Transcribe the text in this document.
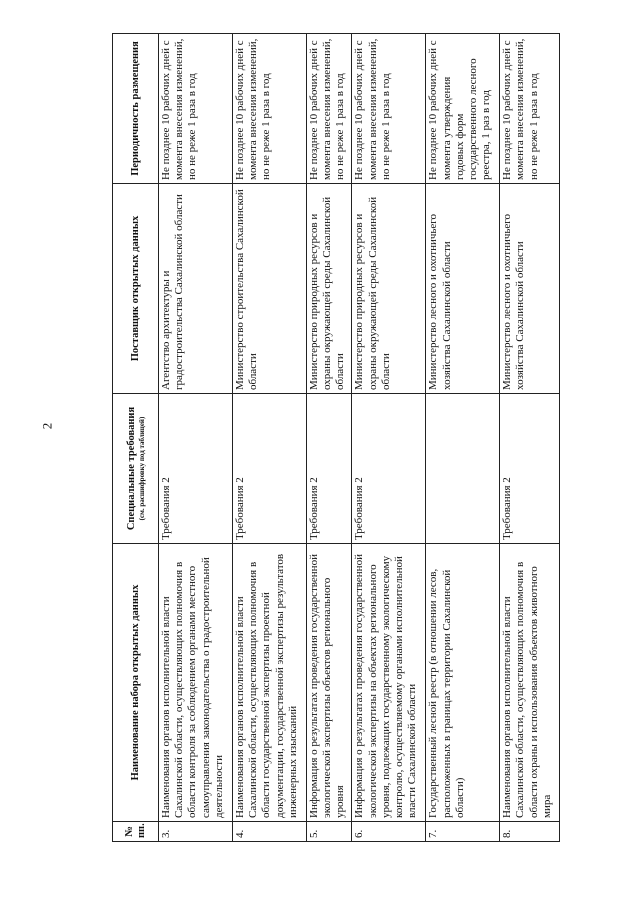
2
№ пп.	Наименование набора открытых данных	Специальные требования (см. расшифровку под таблицей)	Поставщик открытых данных	Периодичность размещения
3.	Наименования органов исполнительной власти Сахалинской области, осуществляющих полномочия в области контроля за соблюдением органами местного самоуправления законодательства о градостроительной деятельности	Требования 2	Агентство архитектуры и градостроительства Сахалинской области	Не позднее 10 рабочих дней с момента внесения изменений, но не реже 1 раза в год
4.	Наименования органов исполнительной власти Сахалинской области, осуществляющих полномочия в области государственной экспертизы проектной документации, государственной экспертизы результатов инженерных изысканий	Требования 2	Министерство строительства Сахалинской области	Не позднее 10 рабочих дней с момента внесения изменений, но не реже 1 раза в год
5.	Информация о результатах проведения государственной экологической экспертизы объектов регионального уровня	Требования 2	Министерство природных ресурсов и охраны окружающей среды Сахалинской области	Не позднее 10 рабочих дней с момента внесения изменений, но не реже 1 раза в год
6.	Информация о результатах проведения государственной экологической экспертизы на объектах регионального уровня, подлежащих государственному экологическому контролю, осуществляемому органами исполнительной власти Сахалинской области	Требования 2	Министерство природных ресурсов и охраны окружающей среды Сахалинской области	Не позднее 10 рабочих дней с момента внесения изменений, но не реже 1 раза в год
7.	Государственный лесной реестр (в отношении лесов, расположенных в границах территории Сахалинской области)		Министерство лесного и охотничьего хозяйства Сахалинской области	Не позднее 10 рабочих дней с момента утверждения годовых форм государственного лесного реестра, 1 раз в год
8.	Наименования органов исполнительной власти Сахалинской области, осуществляющих полномочия в области охраны и использования объектов животного мира	Требования 2	Министерство лесного и охотничьего хозяйства Сахалинской области	Не позднее 10 рабочих дней с момента внесения изменений, но не реже 1 раза в год
